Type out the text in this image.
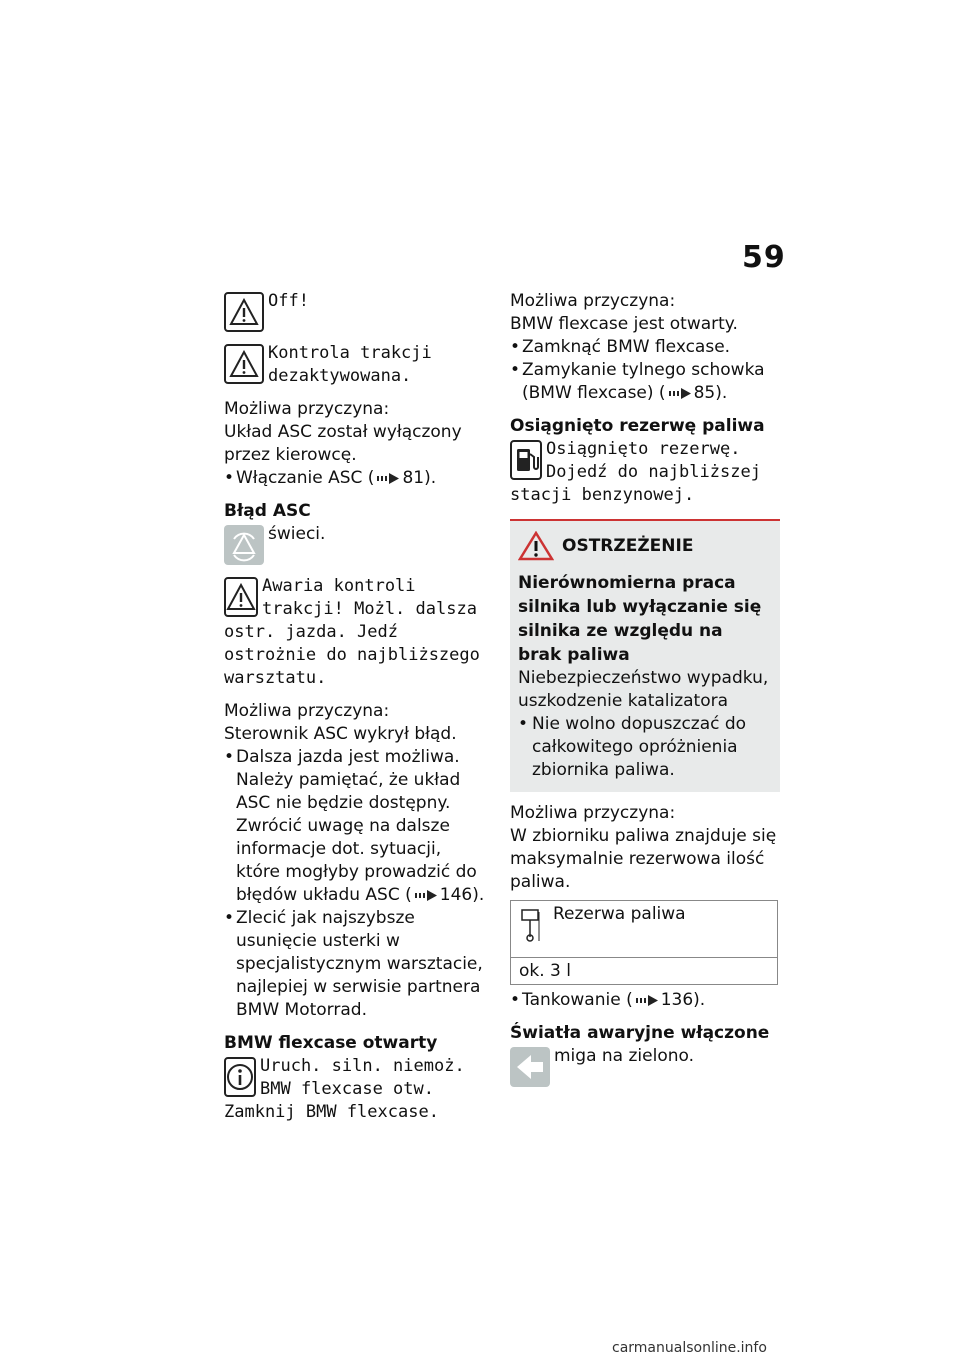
59

Off!

Kontrola trakcji dezaktywowana.

Możliwa przyczyna:

Układ ASC został wyłączony przez kierowcę.

• Włączanie ASC ( 81).

Błąd ASC

świeci.

Awaria kontroli trakcji! Możl. dalsza ostr. jazda. Jedź ostrożnie do najbliższego warsztatu.

Możliwa przyczyna:

Sterownik ASC wykrył błąd.

• Dalsza jazda jest możliwa. Należy pamiętać, że układ ASC nie będzie dostępny. Zwrócić uwagę na dalsze informacje dot. sytuacji, które mogłyby prowadzić do błędów układu ASC ( 146).
• Zlecić jak najszybsze usunięcie usterki w specjalistycznym warsztacie, najlepiej w serwisie partnera BMW Motorrad.

BMW flexcase otwarty

Uruch. siln. niemoż. BMW flexcase otw. Zamknij BMW flexcase.

Możliwa przyczyna:

BMW flexcase jest otwarty.

• Zamknąć BMW flexcase.
• Zamykanie tylnego schowka (BMW flexcase) ( 85).

Osiągnięto rezerwę paliwa

Osiągnięto rezerwę. Dojedź do najbliższej stacji benzynowej.

OSTRZEŻENIE

Nierównomierna praca silnika lub wyłączanie się silnika ze względu na brak paliwa

Niebezpieczeństwo wypadku, uszkodzenie katalizatora

• Nie wolno dopuszczać do całkowitego opróżnienia zbiornika paliwa.

Możliwa przyczyna:

W zbiorniku paliwa znajduje się maksymalnie rezerwowa ilość paliwa.

Rezerwa paliwa
ok. 3 l
• Tankowanie ( 136).

Światła awaryjne włączone

miga na zielono.

carmanualsonline.info
